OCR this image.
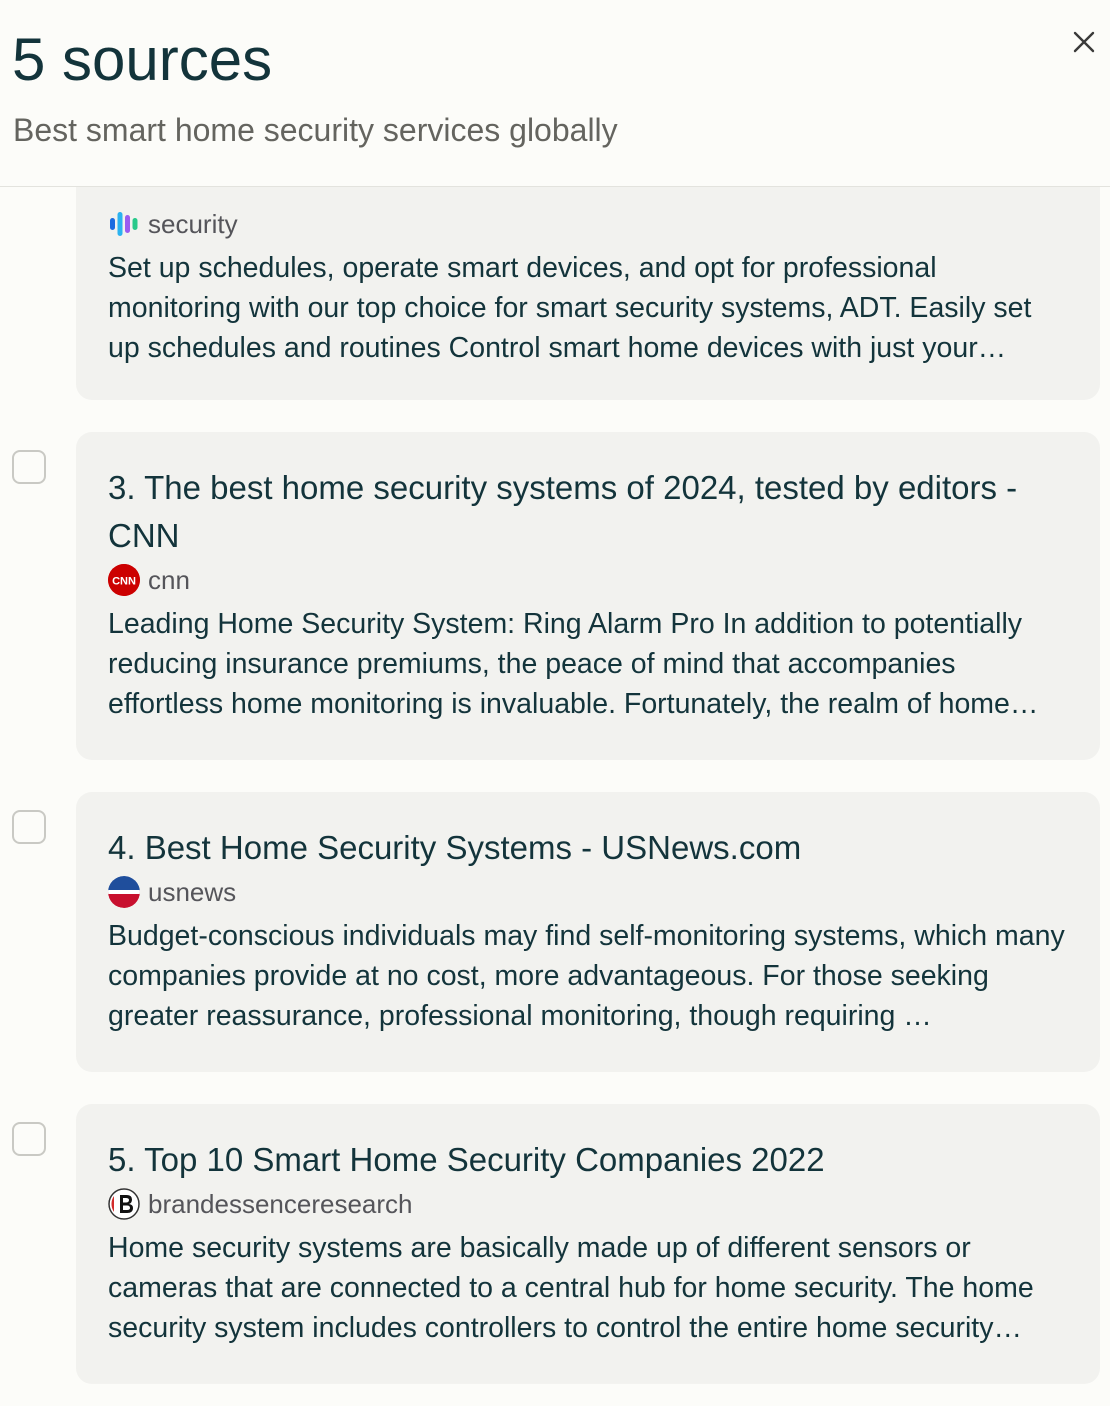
security
Set up schedules, operate smart devices, and opt for professional monitoring with our top choice for smart security systems, ADT. Easily set up schedules and routines Control smart home devices with just your…
3. The best home security systems of 2024, tested by editors - CNN
CNN cnn
Leading Home Security System: Ring Alarm Pro In addition to potentially reducing insurance premiums, the peace of mind that accompanies effortless home monitoring is invaluable. Fortunately, the realm of home…
4. Best Home Security Systems - USNews.com
usnews
Budget-conscious individuals may find self-monitoring systems, which many companies provide at no cost, more advantageous. For those seeking greater reassurance, professional monitoring, though requiring …
5. Top 10 Smart Home Security Companies 2022
brandessenceresearch
Home security systems are basically made up of different sensors or cameras that are connected to a central hub for home security. The home security system includes controllers to control the entire home security…
5 sources
Best smart home security services globally
